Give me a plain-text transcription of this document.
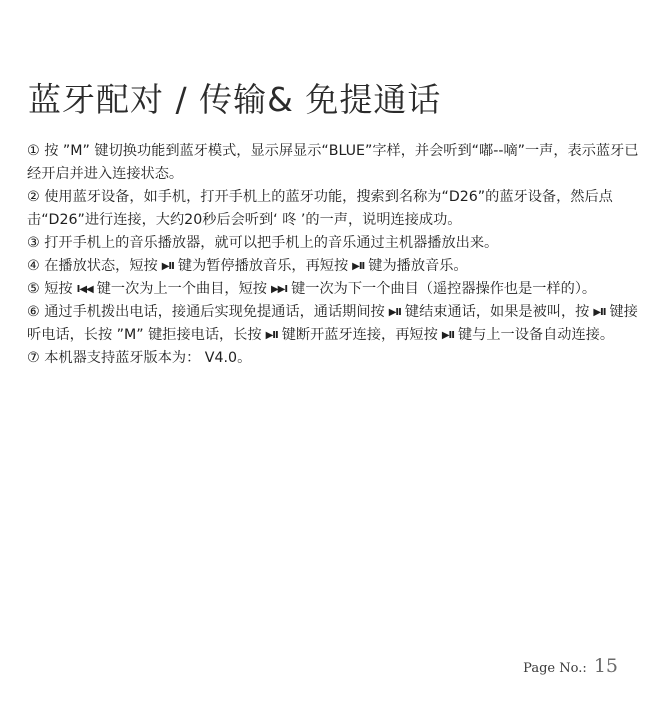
蓝牙配对 / 传输& 免提通话

① 按 ”M” 键切换功能到蓝牙模式，显示屏显示“BLUE”字样，并会听到“嘟--嘀”一声，表示蓝牙已经开启并进入连接状态。

② 使用蓝牙设备，如手机，打开手机上的蓝牙功能，搜索到名称为“D26”的蓝牙设备，然后点击“D26”进行连接，大约20秒后会听到‘ 咚 ’的一声，说明连接成功。

③ 打开手机上的音乐播放器，就可以把手机上的音乐通过主机器播放出来。

④ 在播放状态，短按 ▶II 键为暂停播放音乐，再短按 ▶II 键为播放音乐。

⑤ 短按 I◀◀ 键一次为上一个曲目，短按 ▶▶I 键一次为下一个曲目（遥控器操作也是一样的）。

⑥ 通过手机拨出电话，接通后实现免提通话，通话期间按 ▶II 键结束通话，如果是被叫，按 ▶II 键接听电话，长按 ”M” 键拒接电话，长按 ▶II 键断开蓝牙连接，再短按 ▶II 键与上一设备自动连接。

⑦ 本机器支持蓝牙版本为： V4.0。

Page No.: 15
